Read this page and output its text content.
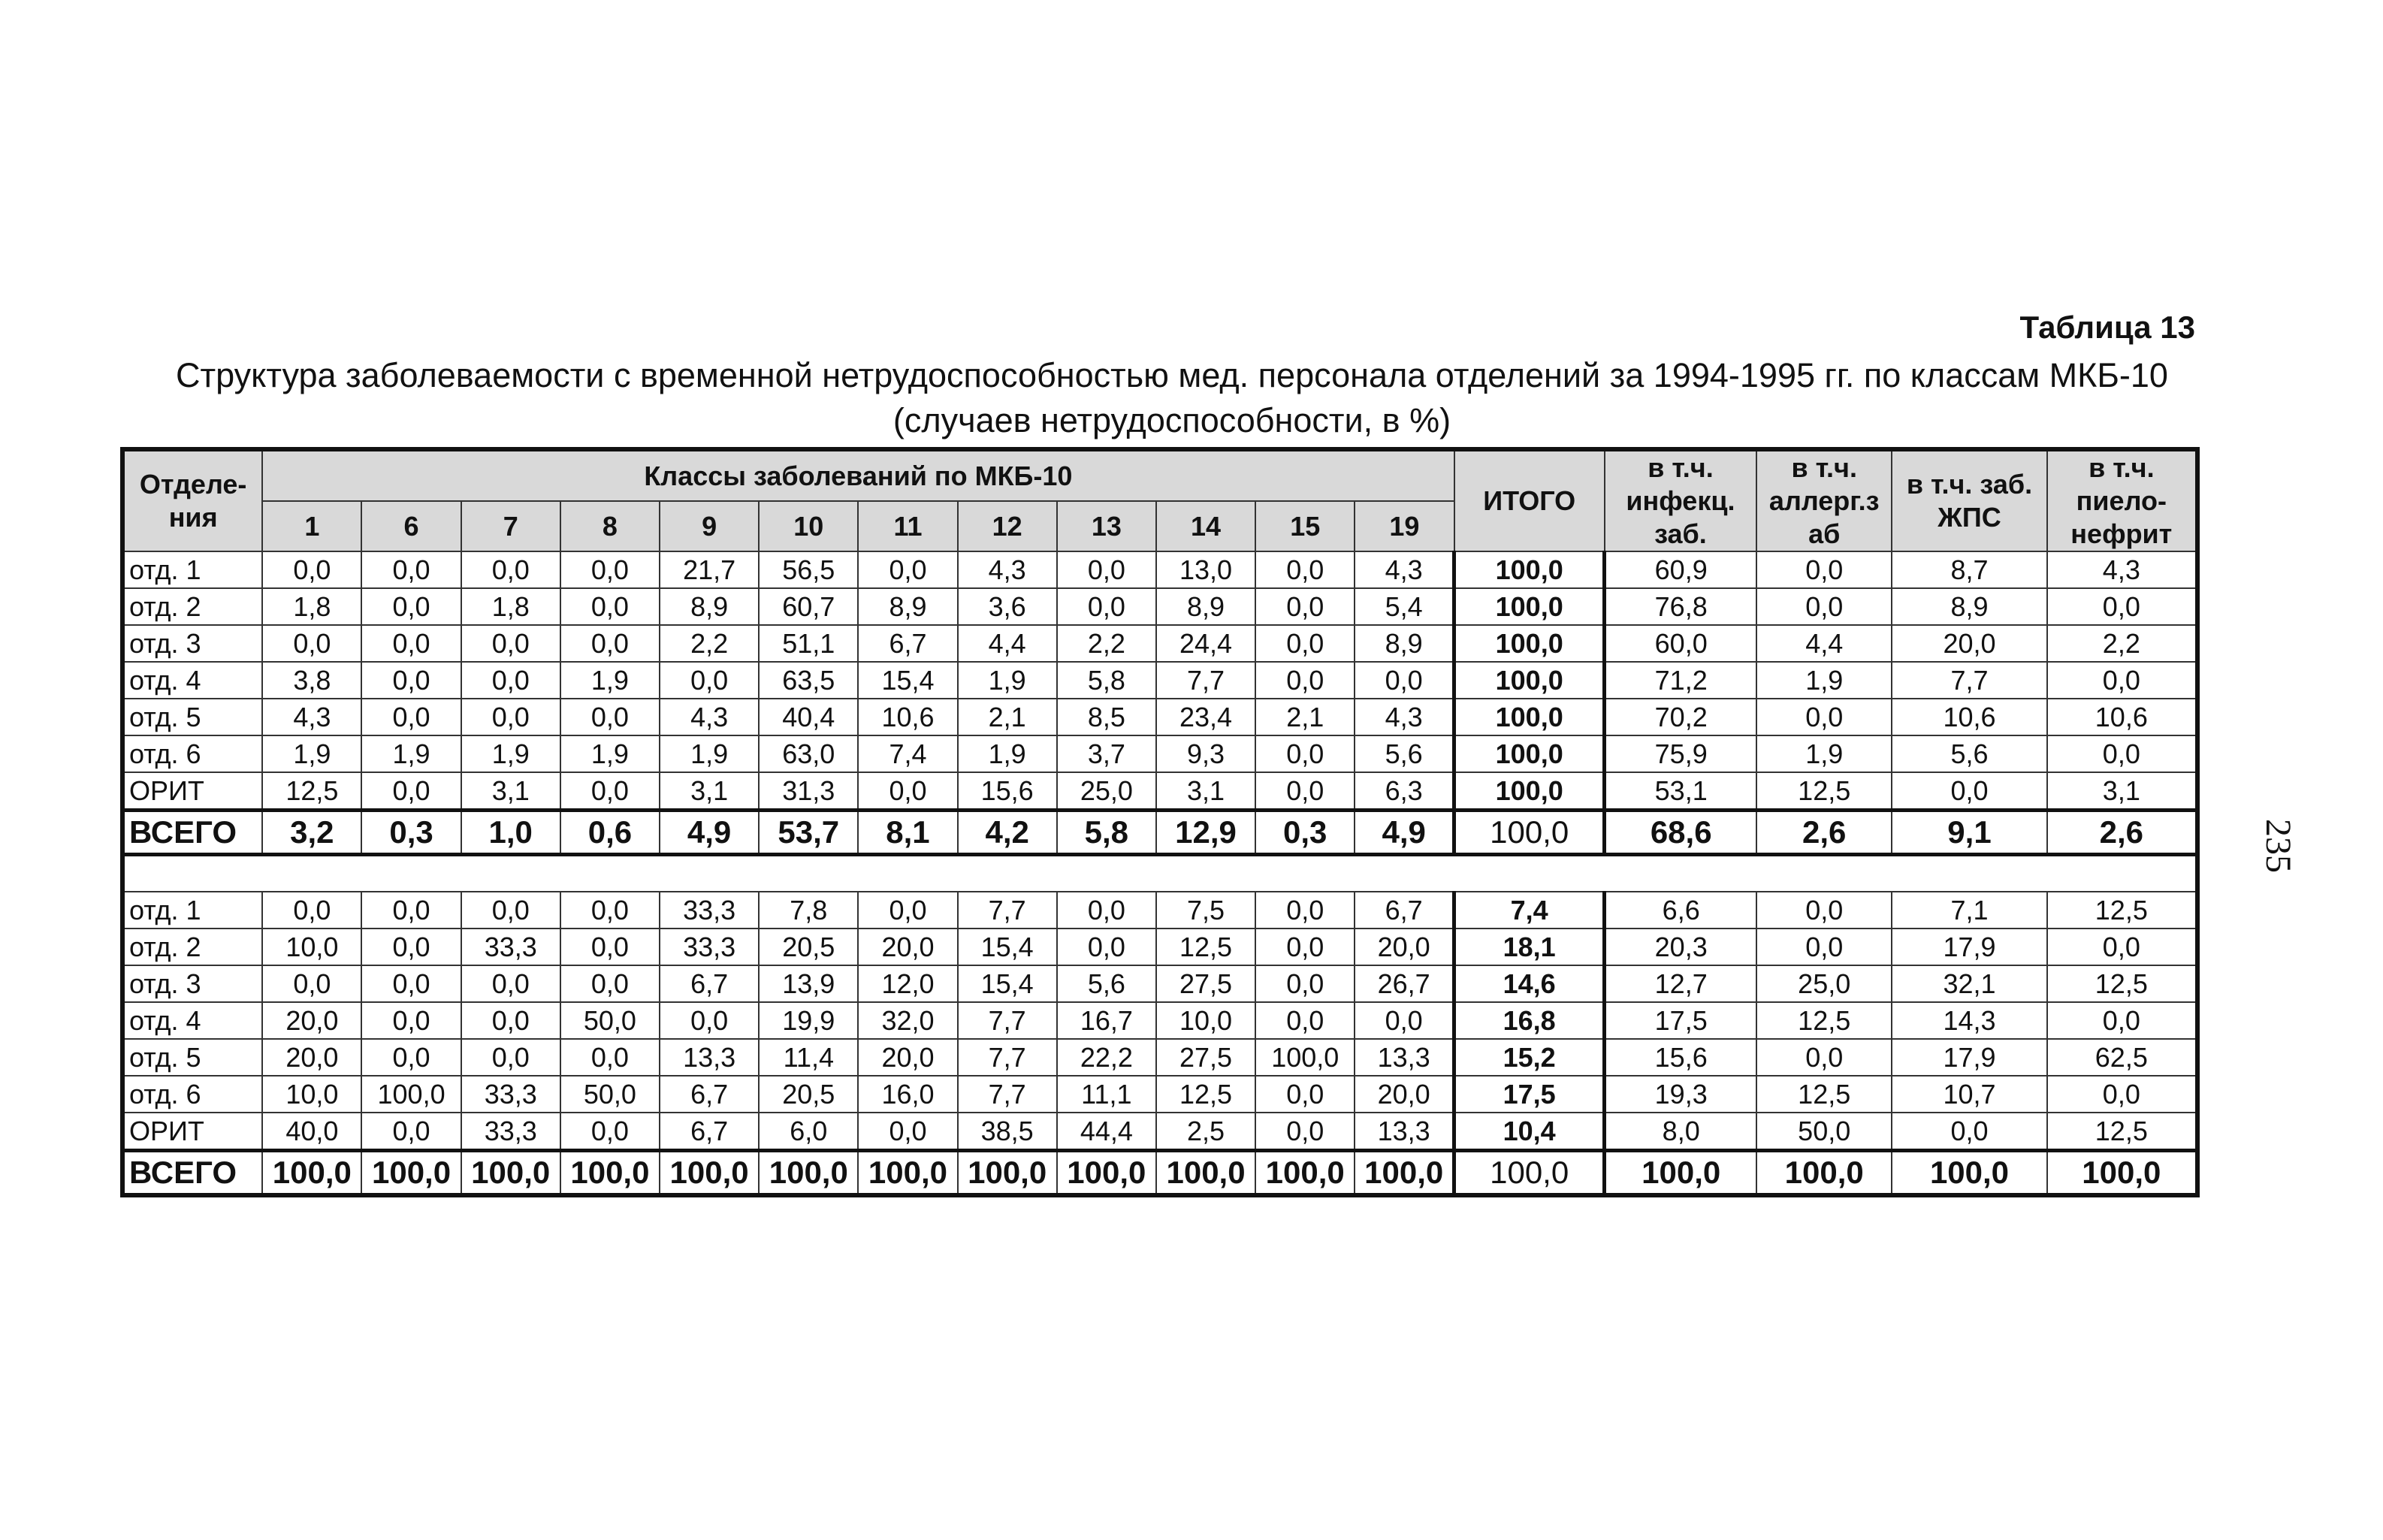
Таблица 13
Структура заболеваемости с временной нетрудоспособностью мед. персонала отделений за 1994-1995 гг. по классам МКБ-10 (случаев нетрудоспособности, в %)
235
Отделе-ния	Классы заболеваний по МКБ-10												ИТОГО	в т.ч. инфекц. заб.	в т.ч. аллерг.з аб	в т.ч. заб. ЖПС	в т.ч. пиело-нефрит
	1	6	7	8	9	10	11	12	13	14	15	19					
отд. 1	0,0	0,0	0,0	0,0	21,7	56,5	0,0	4,3	0,0	13,0	0,0	4,3	100,0	60,9	0,0	8,7	4,3
отд. 2	1,8	0,0	1,8	0,0	8,9	60,7	8,9	3,6	0,0	8,9	0,0	5,4	100,0	76,8	0,0	8,9	0,0
отд. 3	0,0	0,0	0,0	0,0	2,2	51,1	6,7	4,4	2,2	24,4	0,0	8,9	100,0	60,0	4,4	20,0	2,2
отд. 4	3,8	0,0	0,0	1,9	0,0	63,5	15,4	1,9	5,8	7,7	0,0	0,0	100,0	71,2	1,9	7,7	0,0
отд. 5	4,3	0,0	0,0	0,0	4,3	40,4	10,6	2,1	8,5	23,4	2,1	4,3	100,0	70,2	0,0	10,6	10,6
отд. 6	1,9	1,9	1,9	1,9	1,9	63,0	7,4	1,9	3,7	9,3	0,0	5,6	100,0	75,9	1,9	5,6	0,0
ОРИТ	12,5	0,0	3,1	0,0	3,1	31,3	0,0	15,6	25,0	3,1	0,0	6,3	100,0	53,1	12,5	0,0	3,1
ВСЕГО	3,2	0,3	1,0	0,6	4,9	53,7	8,1	4,2	5,8	12,9	0,3	4,9	100,0	68,6	2,6	9,1	2,6

отд. 1	0,0	0,0	0,0	0,0	33,3	7,8	0,0	7,7	0,0	7,5	0,0	6,7	7,4	6,6	0,0	7,1	12,5
отд. 2	10,0	0,0	33,3	0,0	33,3	20,5	20,0	15,4	0,0	12,5	0,0	20,0	18,1	20,3	0,0	17,9	0,0
отд. 3	0,0	0,0	0,0	0,0	6,7	13,9	12,0	15,4	5,6	27,5	0,0	26,7	14,6	12,7	25,0	32,1	12,5
отд. 4	20,0	0,0	0,0	50,0	0,0	19,9	32,0	7,7	16,7	10,0	0,0	0,0	16,8	17,5	12,5	14,3	0,0
отд. 5	20,0	0,0	0,0	0,0	13,3	11,4	20,0	7,7	22,2	27,5	100,0	13,3	15,2	15,6	0,0	17,9	62,5
отд. 6	10,0	100,0	33,3	50,0	6,7	20,5	16,0	7,7	11,1	12,5	0,0	20,0	17,5	19,3	12,5	10,7	0,0
ОРИТ	40,0	0,0	33,3	0,0	6,7	6,0	0,0	38,5	44,4	2,5	0,0	13,3	10,4	8,0	50,0	0,0	12,5
ВСЕГО	100,0	100,0	100,0	100,0	100,0	100,0	100,0	100,0	100,0	100,0	100,0	100,0	100,0	100,0	100,0	100,0	100,0
